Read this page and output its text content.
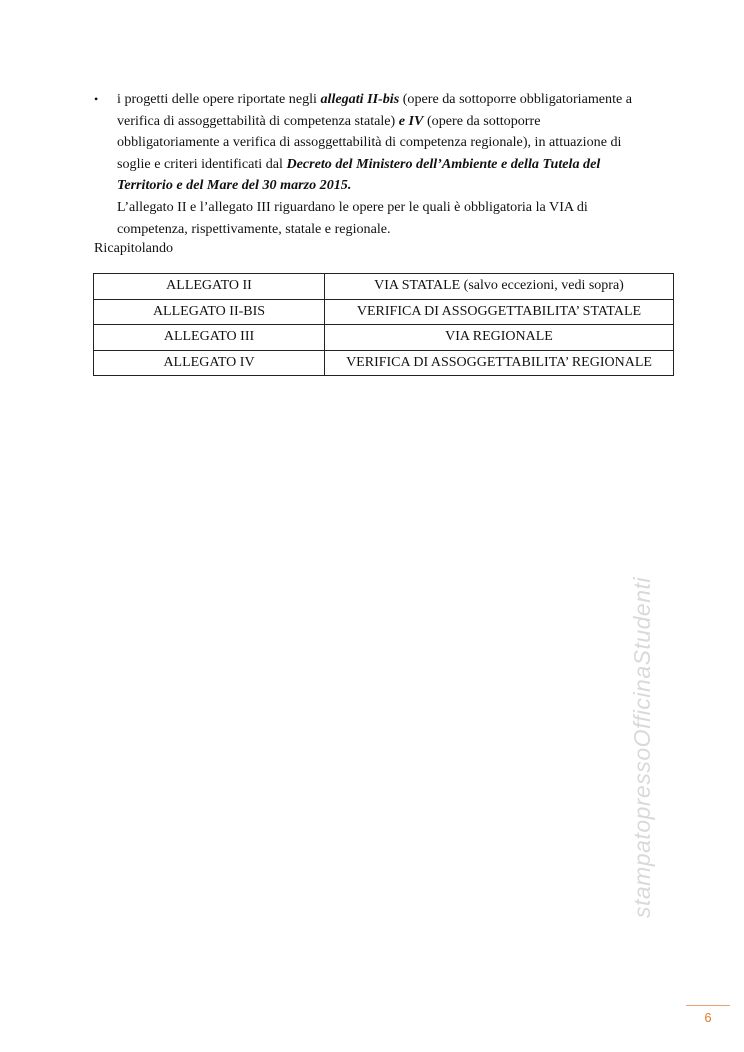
• i progetti delle opere riportate negli allegati II-bis (opere da sottoporre obbligatoriamente a
verifica di assoggettabilità di competenza statale) e IV (opere da sottoporre
obbligatoriamente a verifica di assoggettabilità di competenza regionale), in attuazione di
soglie e criteri identificati dal Decreto del Ministero dell’Ambiente e della Tutela del
Territorio e del Mare del 30 marzo 2015.
L’allegato II e l’allegato III riguardano le opere per le quali è obbligatoria la VIA di
competenza, rispettivamente, statale e regionale.
Ricapitolando
ALLEGATO II	VIA STATALE (salvo eccezioni, vedi sopra)
ALLEGATO II-BIS	VERIFICA DI ASSOGGETTABILITA’ STATALE
ALLEGATO III	VIA REGIONALE
ALLEGATO IV	VERIFICA DI ASSOGGETTABILITA’ REGIONALE
stampatopressoOfficinaStudenti
6
